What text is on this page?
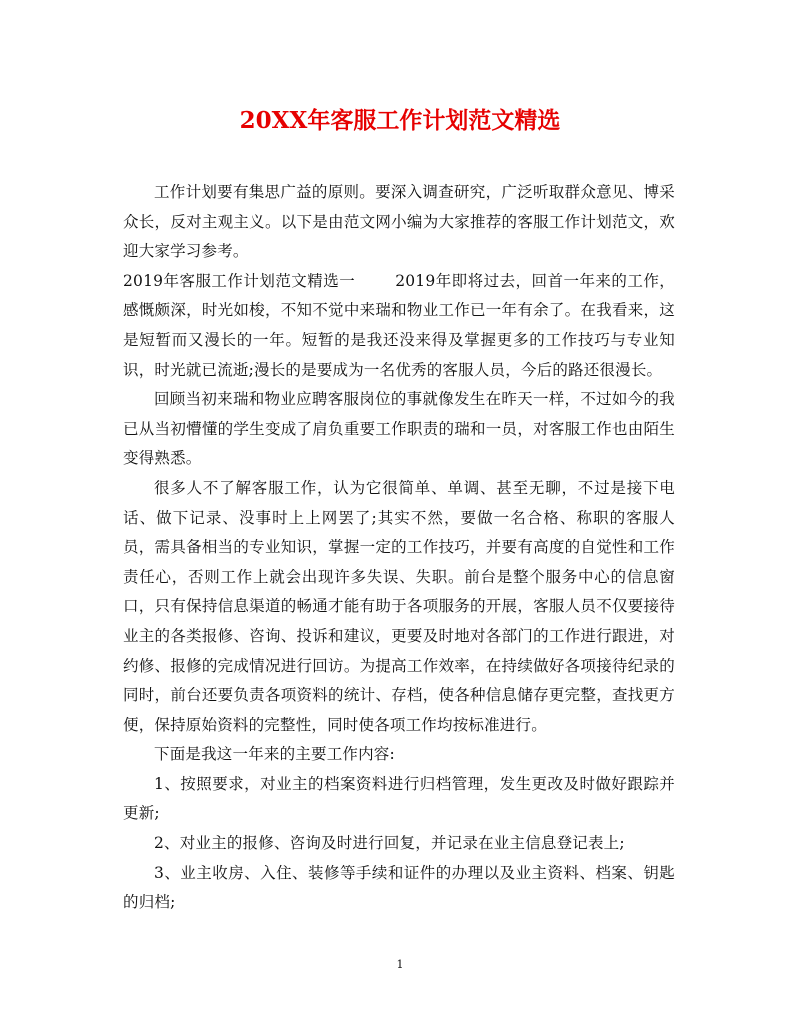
20XX年客服工作计划范文精选

工作计划要有集思广益的原则。要深入调查研究，广泛听取群众意见、博采众长，反对主观主义。以下是由范文网小编为大家推荐的客服工作计划范文，欢迎大家学习参考。

2019年客服工作计划范文精选一	2019年即将过去，回首一年来的工作，感慨颇深，时光如梭，不知不觉中来瑞和物业工作已一年有余了。在我看来，这是短暂而又漫长的一年。短暂的是我还没来得及掌握更多的工作技巧与专业知识，时光就已流逝;漫长的是要成为一名优秀的客服人员，今后的路还很漫长。

回顾当初来瑞和物业应聘客服岗位的事就像发生在昨天一样，不过如今的我已从当初懵懂的学生变成了肩负重要工作职责的瑞和一员，对客服工作也由陌生变得熟悉。

很多人不了解客服工作，认为它很简单、单调、甚至无聊，不过是接下电话、做下记录、没事时上上网罢了;其实不然，要做一名合格、称职的客服人员，需具备相当的专业知识，掌握一定的工作技巧，并要有高度的自觉性和工作责任心，否则工作上就会出现许多失误、失职。前台是整个服务中心的信息窗口，只有保持信息渠道的畅通才能有助于各项服务的开展，客服人员不仅要接待业主的各类报修、咨询、投诉和建议，更要及时地对各部门的工作进行跟进，对约修、报修的完成情况进行回访。为提高工作效率，在持续做好各项接待纪录的同时，前台还要负责各项资料的统计、存档，使各种信息储存更完整，查找更方便，保持原始资料的完整性，同时使各项工作均按标准进行。

下面是我这一年来的主要工作内容:

1、按照要求，对业主的档案资料进行归档管理，发生更改及时做好跟踪并更新;

2、对业主的报修、咨询及时进行回复，并记录在业主信息登记表上;

3、业主收房、入住、装修等手续和证件的办理以及业主资料、档案、钥匙的归档;

1
